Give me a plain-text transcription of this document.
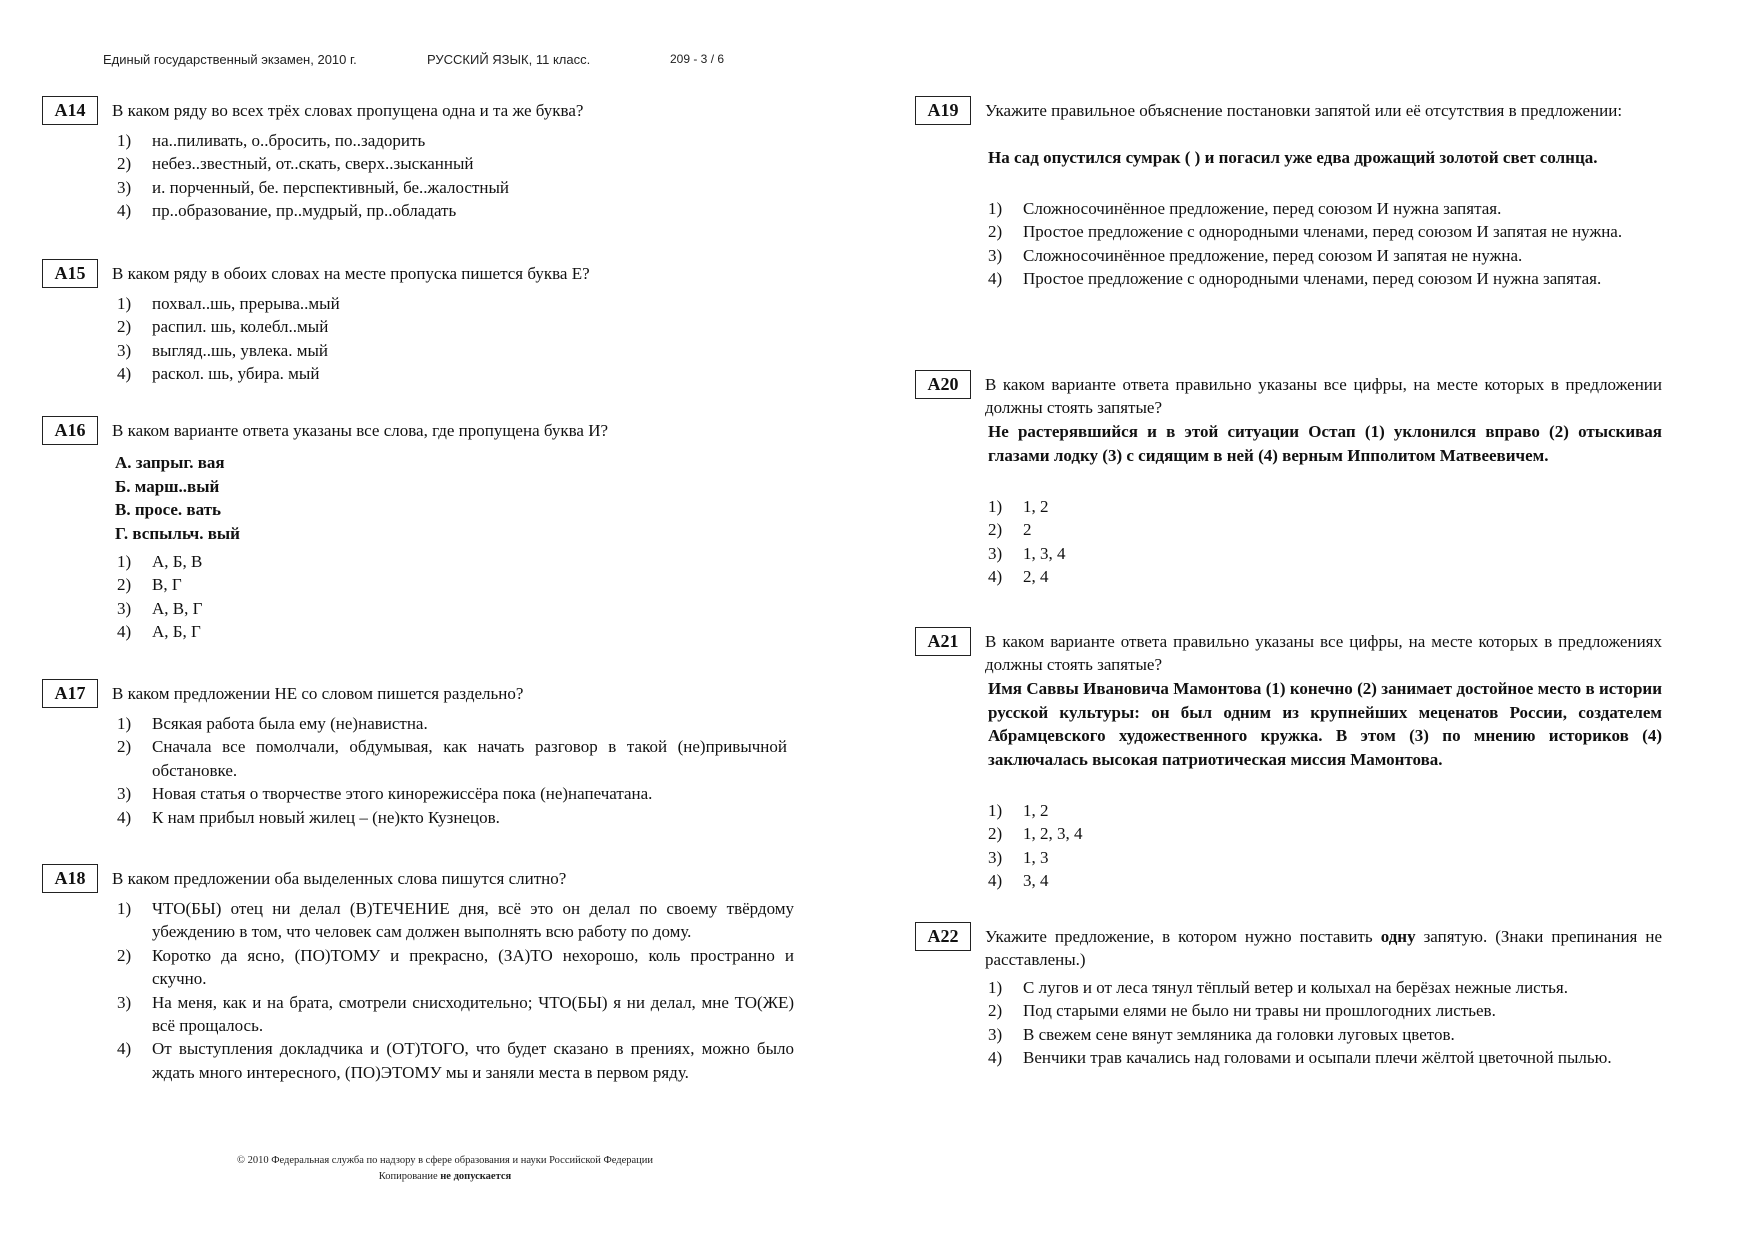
Единый государственный экзамен, 2010 г.	РУССКИЙ ЯЗЫК, 11 класс.	209 - 3 / 6
А14	В каком ряду во всех трёх словах пропущена одна и та же буква?
1) на..пиливать, о..бросить, по..задорить
2) небез..звестный, от..скать, сверх..зысканный
3) и. порченный, бе. перспективный, бе..жалостный
4) пр..образование, пр..мудрый, пр..обладать
А15	В каком ряду в обоих словах на месте пропуска пишется буква Е?
1) похвал..шь, прерыва..мый
2) распил. шь, колебл..мый
3) выгляд..шь, увлека. мый
4) раскол. шь, убира. мый
А16	В каком варианте ответа указаны все слова, где пропущена буква И?
А. запрыг. вая
Б. марш..вый
В. просе. вать
Г. вспыльч. вый
1) А, Б, В
2) В, Г
3) А, В, Г
4) А, Б, Г
А17	В каком предложении НЕ со словом пишется раздельно?
1) Всякая работа была ему (не)навистна.
2) Сначала все помолчали, обдумывая, как начать разговор в такой (не)привычной обстановке.
3) Новая статья о творчестве этого кинорежиссёра пока (не)напечатана.
4) К нам прибыл новый жилец – (не)кто Кузнецов.
А18	В каком предложении оба выделенных слова пишутся слитно?
1) ЧТО(БЫ) отец ни делал (В)ТЕЧЕНИЕ дня, всё это он делал по своему твёрдому убеждению в том, что человек сам должен выполнять всю работу по дому.
2) Коротко да ясно, (ПО)ТОМУ и прекрасно, (ЗА)ТО нехорошо, коль пространно и скучно.
3) На меня, как и на брата, смотрели снисходительно; ЧТО(БЫ) я ни делал, мне ТО(ЖЕ) всё прощалось.
4) От выступления докладчика и (ОТ)ТОГО, что будет сказано в прениях, можно было ждать много интересного, (ПО)ЭТОМУ мы и заняли места в первом ряду.
© 2010 Федеральная служба по надзору в сфере образования и науки Российской Федерации
Копирование не допускается
А19	Укажите правильное объяснение постановки запятой или её отсутствия в предложении:
На сад опустился сумрак ( ) и погасил уже едва дрожащий золотой свет солнца.
1) Сложносочинённое предложение, перед союзом И нужна запятая.
2) Простое предложение с однородными членами, перед союзом И запятая не нужна.
3) Сложносочинённое предложение, перед союзом И запятая не нужна.
4) Простое предложение с однородными членами, перед союзом И нужна запятая.
А20	В каком варианте ответа правильно указаны все цифры, на месте которых в предложении должны стоять запятые?
Не растерявшийся и в этой ситуации Остап (1) уклонился вправо (2) отыскивая глазами лодку (3) с сидящим в ней (4) верным Ипполитом Матвеевичем.
1) 1, 2
2) 2
3) 1, 3, 4
4) 2, 4
А21	В каком варианте ответа правильно указаны все цифры, на месте которых в предложениях должны стоять запятые?
Имя Саввы Ивановича Мамонтова (1) конечно (2) занимает достойное место в истории русской культуры: он был одним из крупнейших меценатов России, создателем Абрамцевского художественного кружка. В этом (3) по мнению историков (4) заключалась высокая патриотическая миссия Мамонтова.
1) 1, 2
2) 1, 2, 3, 4
3) 1, 3
4) 3, 4
А22	Укажите предложение, в котором нужно поставить одну запятую. (Знаки препинания не расставлены.)
1) С лугов и от леса тянул тёплый ветер и колыхал на берёзах нежные листья.
2) Под старыми елями не было ни травы ни прошлогодних листьев.
3) В свежем сене вянут земляника да головки луговых цветов.
4) Венчики трав качались над головами и осыпали плечи жёлтой цветочной пылью.
